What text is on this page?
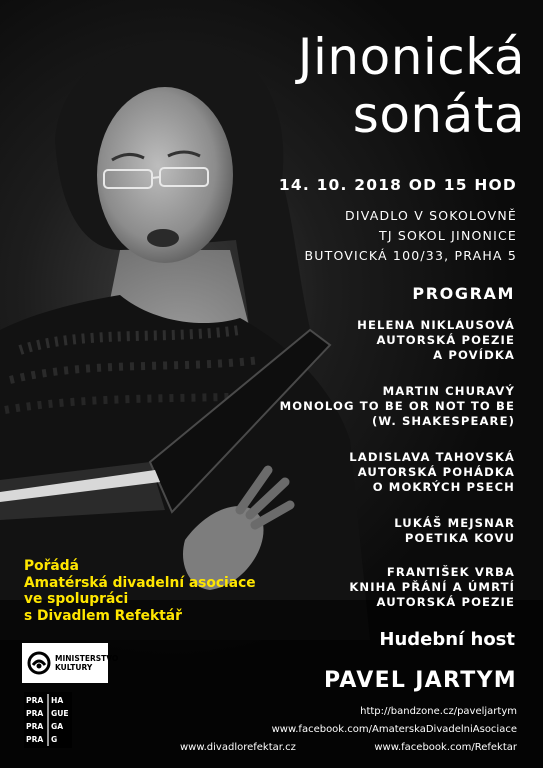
Jinonická
sonáta
14. 10. 2018 OD 15 HOD
DIVADLO V SOKOLOVNĚ
TJ SOKOL JINONICE
BUTOVICKÁ 100/33, PRAHA 5
PROGRAM
HELENA NIKLAUSOVÁ
AUTORSKÁ POEZIE
A POVÍDKA
MARTIN CHURAVÝ
MONOLOG TO BE OR NOT TO BE
(W. SHAKESPEARE)
LADISLAVA TAHOVSKÁ
AUTORSKÁ POHÁDKA
O MOKRÝCH PSECH
LUKÁŠ MEJSNAR
POETIKA KOVU
FRANTIŠEK VRBA
KNIHA PŘÁNÍ A ÚMRTÍ
AUTORSKÁ POEZIE
Pořádá
Amatérská divadelní asociace
ve spolupráci
s Divadlem Refektář
MINISTERSTVO
KULTURY
PRA HA
PRA GUE
PRA GA
PRA G
Hudební host
PAVEL JARTYM
http://bandzone.cz/paveljartym
www.facebook.com/AmaterskaDivadelniAsociace
www.divadlorefektar.cz	www.facebook.com/Refektar
